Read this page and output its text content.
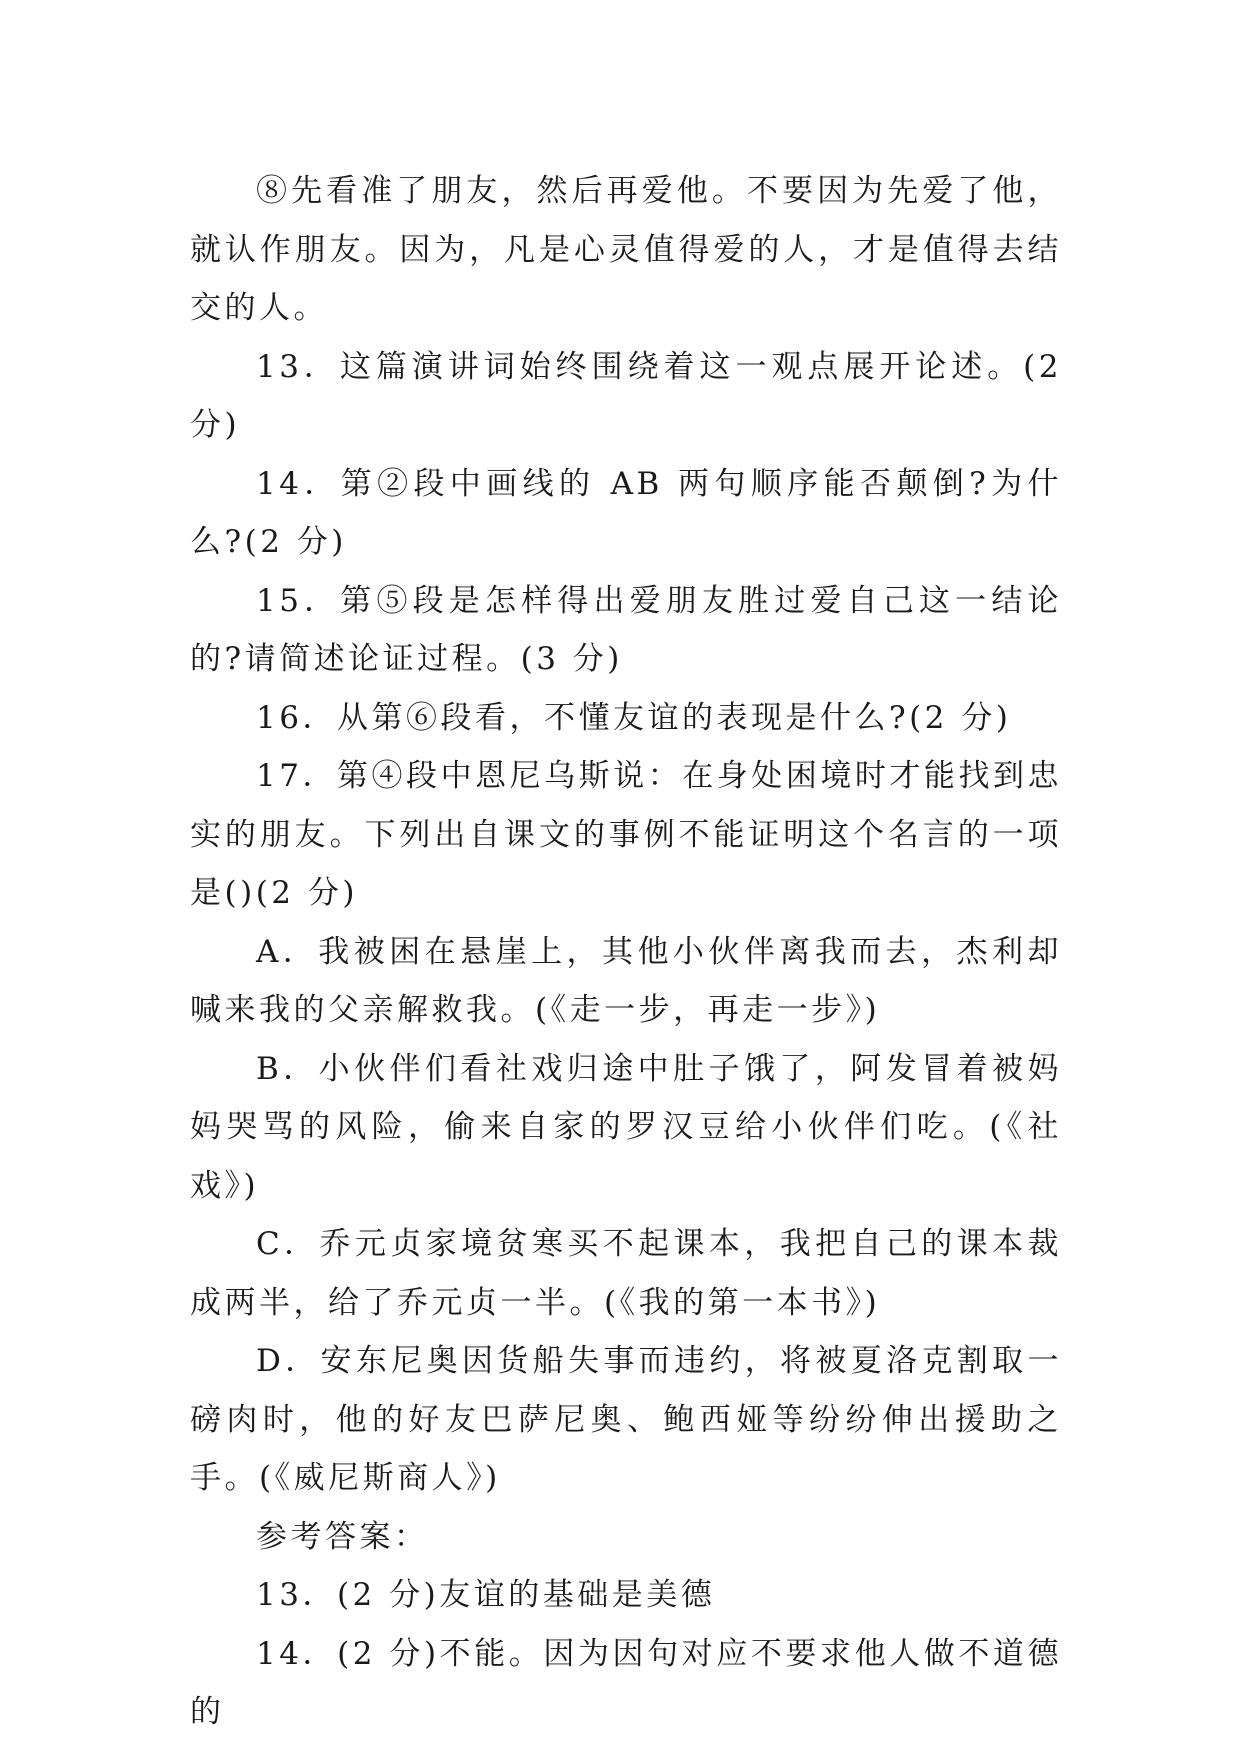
⑧先看准了朋友，然后再爱他。不要因为先爱了他，就认作朋友。因为，凡是心灵值得爱的人，才是值得去结交的人。

13．这篇演讲词始终围绕着这一观点展开论述。(2 分)

14．第②段中画线的 AB 两句顺序能否颠倒?为什么?(2 分)

15．第⑤段是怎样得出爱朋友胜过爱自己这一结论的?请简述论证过程。(3 分)

16．从第⑥段看，不懂友谊的表现是什么?(2 分)

17．第④段中恩尼乌斯说：在身处困境时才能找到忠实的朋友。下列出自课文的事例不能证明这个名言的一项是()(2 分)

A．我被困在悬崖上，其他小伙伴离我而去，杰利却喊来我的父亲解救我。(《走一步，再走一步》)

B．小伙伴们看社戏归途中肚子饿了，阿发冒着被妈妈哭骂的风险，偷来自家的罗汉豆给小伙伴们吃。(《社戏》)

C．乔元贞家境贫寒买不起课本，我把自己的课本裁成两半，给了乔元贞一半。(《我的第一本书》)

D．安东尼奥因货船失事而违约，将被夏洛克割取一磅肉时，他的好友巴萨尼奥、鲍西娅等纷纷伸出援助之手。(《威尼斯商人》)

参考答案：

13．(2 分)友谊的基础是美德

14．(2 分)不能。因为因句对应不要求他人做不道德的
